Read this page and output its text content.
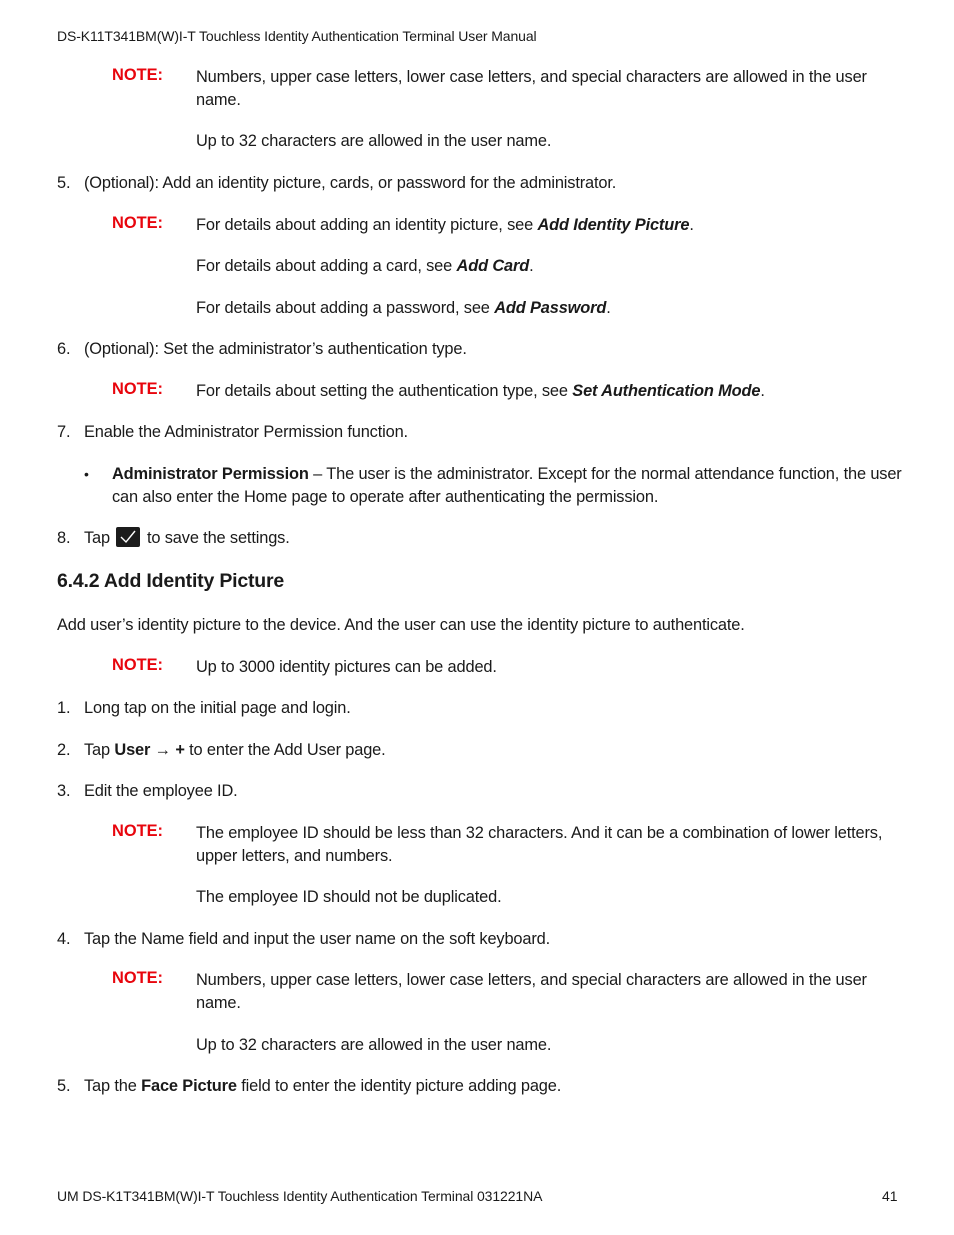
DS-K11T341BM(W)I-T Touchless Identity Authentication Terminal User Manual
NOTE: Numbers, upper case letters, lower case letters, and special characters are allowed in the user name.
Up to 32 characters are allowed in the user name.
5. (Optional): Add an identity picture, cards, or password for the administrator.
NOTE: For details about adding an identity picture, see Add Identity Picture.
For details about adding a card, see Add Card.
For details about adding a password, see Add Password.
6. (Optional): Set the administrator’s authentication type.
NOTE: For details about setting the authentication type, see Set Authentication Mode.
7. Enable the Administrator Permission function.
• Administrator Permission – The user is the administrator. Except for the normal attendance function, the user can also enter the Home page to operate after authenticating the permission.
8. Tap to save the settings.
6.4.2 Add Identity Picture
Add user’s identity picture to the device. And the user can use the identity picture to authenticate.
NOTE: Up to 3000 identity pictures can be added.
1. Long tap on the initial page and login.
2. Tap User → + to enter the Add User page.
3. Edit the employee ID.
NOTE: The employee ID should be less than 32 characters. And it can be a combination of lower letters, upper letters, and numbers.
The employee ID should not be duplicated.
4. Tap the Name field and input the user name on the soft keyboard.
NOTE: Numbers, upper case letters, lower case letters, and special characters are allowed in the user name.
Up to 32 characters are allowed in the user name.
5. Tap the Face Picture field to enter the identity picture adding page.
UM DS-K1T341BM(W)I-T Touchless Identity Authentication Terminal 031221NA	41
